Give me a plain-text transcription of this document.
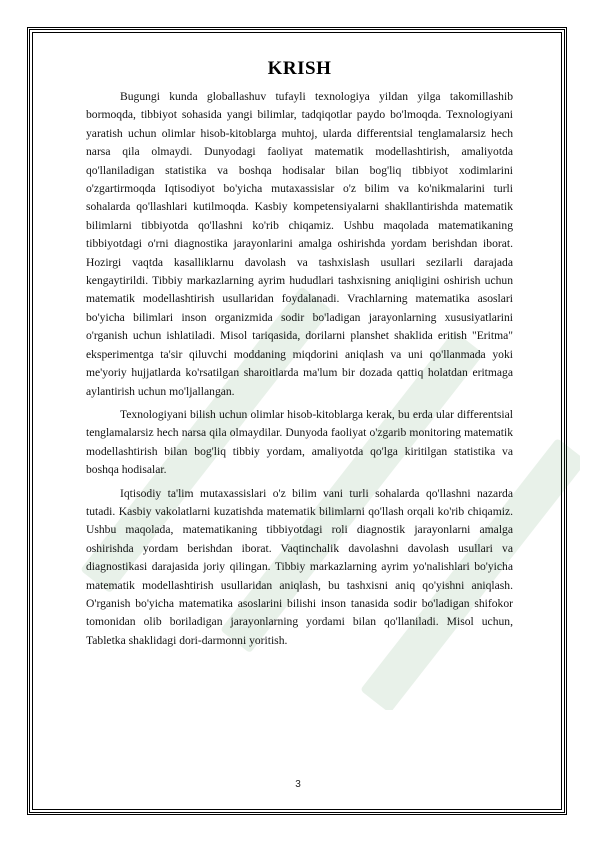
KRISH

Bugungi kunda globallashuv tufayli texnologiya yildan yilga takomillashib bormoqda, tibbiyot sohasida yangi bilimlar, tadqiqotlar paydo bo'lmoqda. Texnologiyani yaratish uchun olimlar hisob-kitoblarga muhtoj, ularda differentsial tenglamalarsiz hech narsa qila olmaydi. Dunyodagi faoliyat matematik modellashtirish, amaliyotda qo'llaniladigan statistika va boshqa hodisalar bilan bog'liq tibbiyot xodimlarini o'zgartirmoqda Iqtisodiyot bo'yicha mutaxassislar o'z bilim va ko'nikmalarini turli sohalarda qo'llashlari kutilmoqda. Kasbiy kompetensiyalarni shakllantirishda matematik bilimlarni tibbiyotda qo'llashni ko'rib chiqamiz. Ushbu maqolada matematikaning tibbiyotdagi o'rni diagnostika jarayonlarini amalga oshirishda yordam berishdan iborat. Hozirgi vaqtda kasalliklarnu davolash va tashxislash usullari sezilarli darajada kengaytirildi. Tibbiy markazlarning ayrim hududlari tashxisning aniqligini oshirish uchun matematik modellashtirish usullaridan foydalanadi. Vrachlarning matematika asoslari bo'yicha bilimlari inson organizmida sodir bo'ladigan jarayonlarning xususiyatlarini o'rganish uchun ishlatiladi. Misol tariqasida, dorilarni planshet shaklida eritish "Eritma" eksperimentga ta'sir qiluvchi moddaning miqdorini aniqlash va uni qo'llanmada yoki me'yoriy hujjatlarda ko'rsatilgan sharoitlarda ma'lum bir dozada qattiq holatdan eritmaga aylantirish uchun mo'ljallangan.

Texnologiyani bilish uchun olimlar hisob-kitoblarga kerak, bu erda ular differentsial tenglamalarsiz hech narsa qila olmaydilar. Dunyoda faoliyat o'zgarib monitoring matematik modellashtirish bilan bog'liq tibbiy yordam, amaliyotda qo'lga kiritilgan statistika va boshqa hodisalar.

Iqtisodiy ta'lim mutaxassislari o'z bilim vani turli sohalarda qo'llashni nazarda tutadi. Kasbiy vakolatlarni kuzatishda matematik bilimlarni qo'llash orqali ko'rib chiqamiz. Ushbu maqolada, matematikaning tibbiyotdagi roli diagnostik jarayonlarni amalga oshirishda yordam berishdan iborat. Vaqtinchalik davolashni davolash usullari va diagnostikasi darajasida joriy qilingan. Tibbiy markazlarning ayrim yo'nalishlari bo'yicha matematik modellashtirish usullaridan aniqlash, bu tashxisni aniq qo'yishni aniqlash. O'rganish bo'yicha matematika asoslarini bilishi inson tanasida sodir bo'ladigan shifokor tomonidan olib boriladigan jarayonlarning yordami bilan qo'llaniladi. Misol uchun, Tabletka shaklidagi dori-darmonni yoritish.

3
